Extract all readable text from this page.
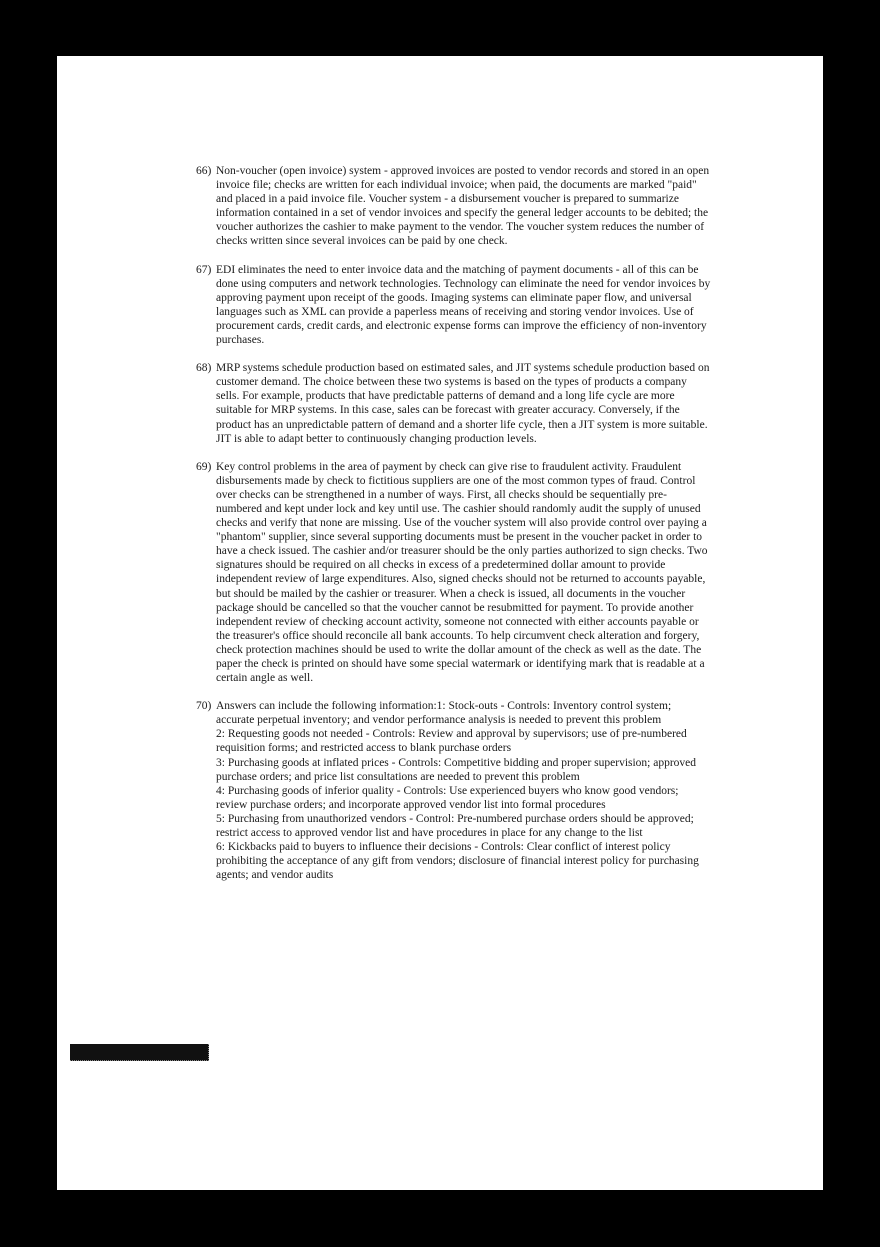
66) Non-voucher (open invoice) system - approved invoices are posted to vendor records and stored in an open invoice file; checks are written for each individual invoice; when paid, the documents are marked "paid" and placed in a paid invoice file. Voucher system - a disbursement voucher is prepared to summarize information contained in a set of vendor invoices and specify the general ledger accounts to be debited; the voucher authorizes the cashier to make payment to the vendor. The voucher system reduces the number of checks written since several invoices can be paid by one check.

67) EDI eliminates the need to enter invoice data and the matching of payment documents - all of this can be done using computers and network technologies. Technology can eliminate the need for vendor invoices by approving payment upon receipt of the goods. Imaging systems can eliminate paper flow, and universal languages such as XML can provide a paperless means of receiving and storing vendor invoices. Use of procurement cards, credit cards, and electronic expense forms can improve the efficiency of non-inventory purchases.

68) MRP systems schedule production based on estimated sales, and JIT systems schedule production based on customer demand. The choice between these two systems is based on the types of products a company sells. For example, products that have predictable patterns of demand and a long life cycle are more suitable for MRP systems. In this case, sales can be forecast with greater accuracy. Conversely, if the product has an unpredictable pattern of demand and a shorter life cycle, then a JIT system is more suitable. JIT is able to adapt better to continuously changing production levels.

69) Key control problems in the area of payment by check can give rise to fraudulent activity. Fraudulent disbursements made by check to fictitious suppliers are one of the most common types of fraud. Control over checks can be strengthened in a number of ways. First, all checks should be sequentially pre-numbered and kept under lock and key until use. The cashier should randomly audit the supply of unused checks and verify that none are missing. Use of the voucher system will also provide control over paying a "phantom" supplier, since several supporting documents must be present in the voucher packet in order to have a check issued. The cashier and/or treasurer should be the only parties authorized to sign checks. Two signatures should be required on all checks in excess of a predetermined dollar amount to provide independent review of large expenditures. Also, signed checks should not be returned to accounts payable, but should be mailed by the cashier or treasurer. When a check is issued, all documents in the voucher package should be cancelled so that the voucher cannot be resubmitted for payment. To provide another independent review of checking account activity, someone not connected with either accounts payable or the treasurer's office should reconcile all bank accounts. To help circumvent check alteration and forgery, check protection machines should be used to write the dollar amount of the check as well as the date. The paper the check is printed on should have some special watermark or identifying mark that is readable at a certain angle as well.

70) Answers can include the following information:1: Stock-outs - Controls: Inventory control system; accurate perpetual inventory; and vendor performance analysis is needed to prevent this problem

2: Requesting goods not needed - Controls: Review and approval by supervisors; use of pre-numbered requisition forms; and restricted access to blank purchase orders

3: Purchasing goods at inflated prices - Controls: Competitive bidding and proper supervision; approved purchase orders; and price list consultations are needed to prevent this problem

4: Purchasing goods of inferior quality - Controls: Use experienced buyers who know good vendors; review purchase orders; and incorporate approved vendor list into formal procedures

5: Purchasing from unauthorized vendors - Control: Pre-numbered purchase orders should be approved; restrict access to approved vendor list and have procedures in place for any change to the list

6: Kickbacks paid to buyers to influence their decisions - Controls: Clear conflict of interest policy prohibiting the acceptance of any gift from vendors; disclosure of financial interest policy for purchasing agents; and vendor audits
